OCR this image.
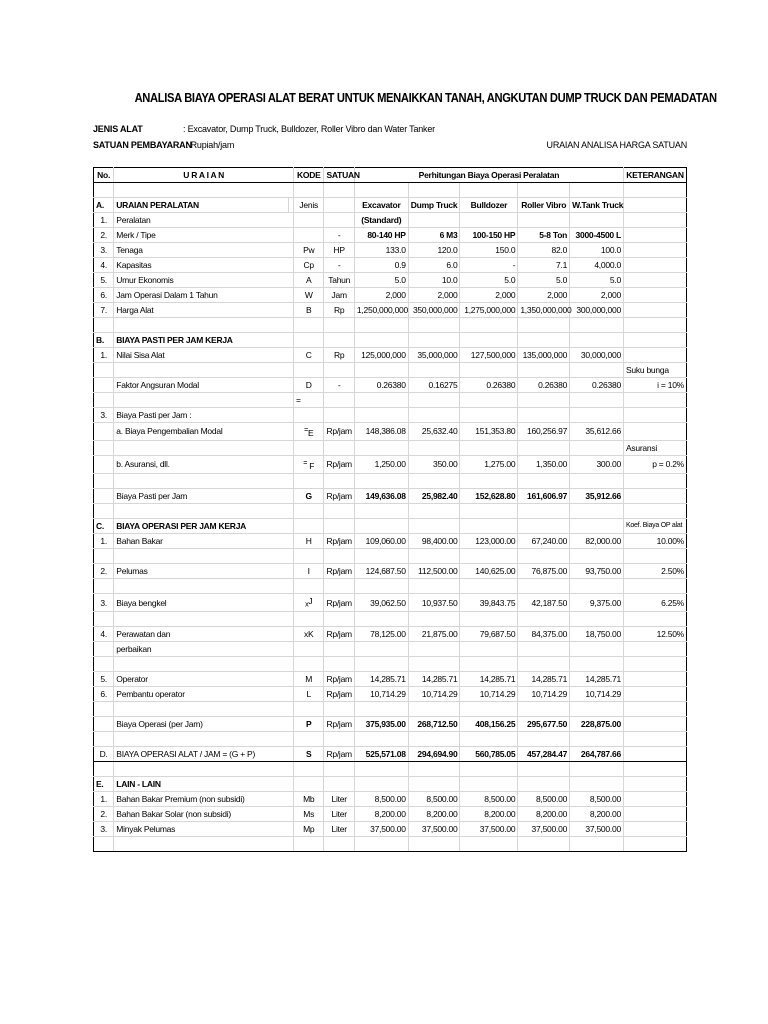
ANALISA BIAYA OPERASI ALAT BERAT UNTUK MENAIKKAN TANAH, ANGKUTAN DUMP TRUCK DAN PEMADATAN
JENIS ALAT	: Excavator, Dump Truck, Bulldozer, Roller Vibro dan Water Tanker
SATUAN PEMBAYARAN
: Rupiah/jam	URAIAN ANALISA HARGA SATUAN
No.	U R A I A N		KODE	SATUAN	Perhitungan Biaya Operasi Peralatan					KETERANGAN

A.	URAIAN PERALATAN		Jenis		Excavator	Dump Truck	Bulldozer	Roller Vibro	W.Tank Truck	
1.	Peralatan				(Standard)					
2.	Merk / Tipe			-	80-140 HP	6 M3	100-150 HP	5-8 Ton	3000-4500 L	
3.	Tenaga		Pw	HP	133.0	120.0	150.0	82.0	100.0	
4.	Kapasitas		Cp	-	0.9	6.0	-	7.1	4,000.0	
5.	Umur Ekonomis		A	Tahun	5.0	10.0	5.0	5.0	5.0	
6.	Jam Operasi Dalam 1 Tahun		W	Jam	2,000	2,000	2,000	2,000	2,000	
7.	Harga Alat		B	Rp	1,250,000,000	350,000,000	1,275,000,000	1,350,000,000	300,000,000	

B.	BIAYA PASTI PER JAM KERJA									
1.	Nilai Sisa Alat		C	Rp	125,000,000	35,000,000	127,500,000	135,000,000	30,000,000	
										Suku bunga
	Faktor Angsuran Modal		D	-	0.26380	0.16275	0.26380	0.26380	0.26380	i = 10%
			=							
3.	Biaya Pasti per Jam :									
	a. Biaya Pengembalian Modal		=E	Rp/jam	148,386.08	25,632.40	151,353.80	160,256.97	35,612.66	
										Asuransi
	b. Asuransi, dll.		= F	Rp/jam	1,250.00	350.00	1,275.00	1,350.00	300.00	p = 0.2%

	Biaya Pasti per Jam		G	Rp/jam	149,636.08	25,982.40	152,628.80	161,606.97	35,912.66	

C.	BIAYA OPERASI PER JAM KERJA									Koef. Biaya OP alat
1.	Bahan Bakar		H	Rp/jam	109,060.00	98,400.00	123,000.00	67,240.00	82,000.00	10.00%

2.	Pelumas		I	Rp/jam	124,687.50	112,500.00	140,625.00	76,875.00	93,750.00	2.50%

3.	Biaya bengkel		$_x$J	Rp/jam	39,062.50	10,937.50	39,843.75	42,187.50	9,375.00	6.25%

4.	Perawatan dan		xK	Rp/jam	78,125.00	21,875.00	79,687.50	84,375.00	18,750.00	12.50%
	perbaikan									

5.	Operator		M	Rp/jam	14,285.71	14,285.71	14,285.71	14,285.71	14,285.71	
6.	Pembantu operator		L	Rp/jam	10,714.29	10,714.29	10,714.29	10,714.29	10,714.29	

	Biaya Operasi (per Jam)		P	Rp/jam	375,935.00	268,712.50	408,156.25	295,677.50	228,875.00	

D.	BIAYA OPERASI ALAT / JAM = (G + P)		S	Rp/jam	525,571.08	294,694.90	560,785.05	457,284.47	264,787.66	

E.	LAIN - LAIN									
1.	Bahan Bakar Premium (non subsidi)		Mb	Liter	8,500.00	8,500.00	8,500.00	8,500.00	8,500.00	
2.	Bahan Bakar Solar (non subsidi)		Ms	Liter	8,200.00	8,200.00	8,200.00	8,200.00	8,200.00	
3.	Minyak Pelumas		Mp	Liter	37,500.00	37,500.00	37,500.00	37,500.00	37,500.00	
